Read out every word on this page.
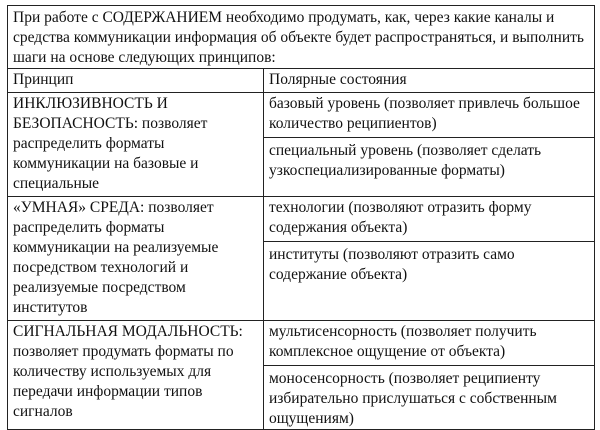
При работе с СОДЕРЖАНИЕМ необходимо продумать, как, через какие каналы и средства коммуникации информация об объекте будет распространяться, и выполнить шаги на основе следующих принципов:	
Принцип	Полярные состояния
ИНКЛЮЗИВНОСТЬ И БЕЗОПАСНОСТЬ: позволяет распределить форматы коммуникации на базовые и специальные	базовый уровень (позволяет привлечь большое количество реципиентов)
специальный уровень (позволяет сделать узкоспециализированные форматы)

«УМНАЯ» СРЕДА: позволяет распределить форматы коммуникации на реализуемые посредством технологий и реализуемые посредством институтов	технологии (позволяют отразить форму содержания объекта)
институты (позволяют отразить само содержание объекта)

СИГНАЛЬНАЯ МОДАЛЬНОСТЬ: позволяет продумать форматы по количеству используемых для передачи информации типов сигналов	мультисенсорность (позволяет получить комплексное ощущение от объекта)
моносенсорность (позволяет реципиенту избирательно прислушаться с собственным ощущениям)
